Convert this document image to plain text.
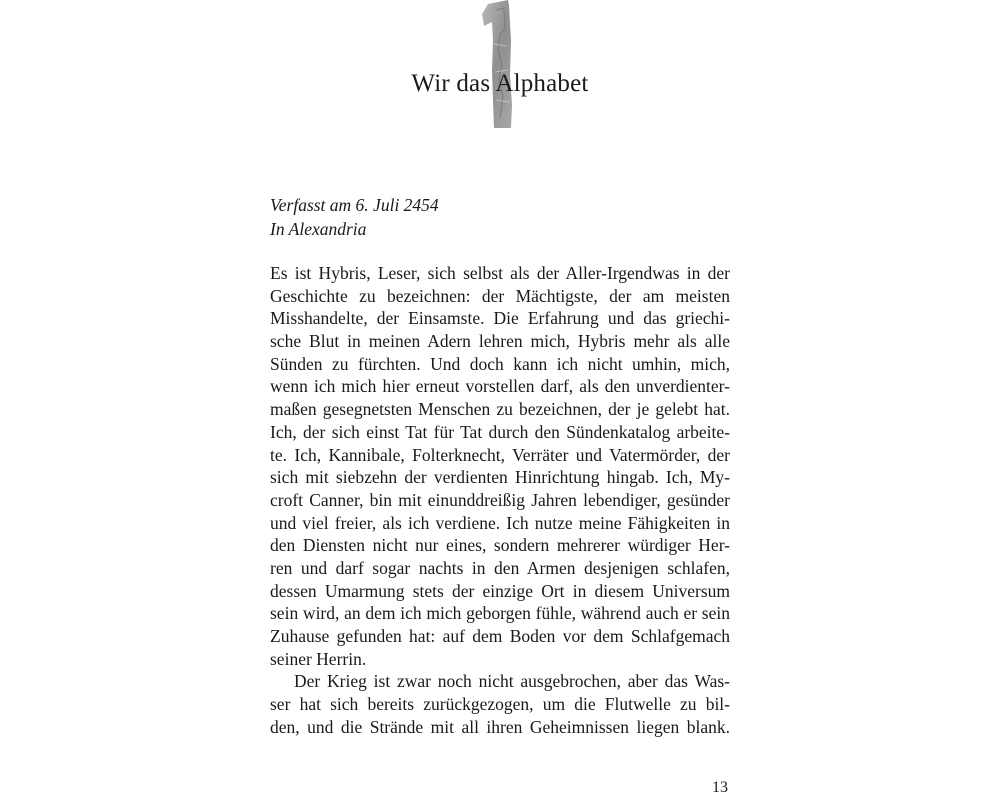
Wir das Alphabet
Verfasst am 6. Juli 2454
In Alexandria
Es ist Hybris, Leser, sich selbst als der Aller-Irgendwas in der
Geschichte zu bezeichnen: der Mächtigste, der am meisten
Misshandelte, der Einsamste. Die Erfahrung und das griechi-
sche Blut in meinen Adern lehren mich, Hybris mehr als alle
Sünden zu fürchten. Und doch kann ich nicht umhin, mich,
wenn ich mich hier erneut vorstellen darf, als den unverdienter-
maßen gesegnetsten Menschen zu bezeichnen, der je gelebt hat.
Ich, der sich einst Tat für Tat durch den Sündenkatalog arbeite-
te. Ich, Kannibale, Folterknecht, Verräter und Vatermörder, der
sich mit siebzehn der verdienten Hinrichtung hingab. Ich, My-
croft Canner, bin mit einunddreißig Jahren lebendiger, gesünder
und viel freier, als ich verdiene. Ich nutze meine Fähigkeiten in
den Diensten nicht nur eines, sondern mehrerer würdiger Her-
ren und darf sogar nachts in den Armen desjenigen schlafen,
dessen Umarmung stets der einzige Ort in diesem Universum
sein wird, an dem ich mich geborgen fühle, während auch er sein
Zuhause gefunden hat: auf dem Boden vor dem Schlafgemach
seiner Herrin.
Der Krieg ist zwar noch nicht ausgebrochen, aber das Was-
ser hat sich bereits zurückgezogen, um die Flutwelle zu bil-
den, und die Strände mit all ihren Geheimnissen liegen blank.
13
